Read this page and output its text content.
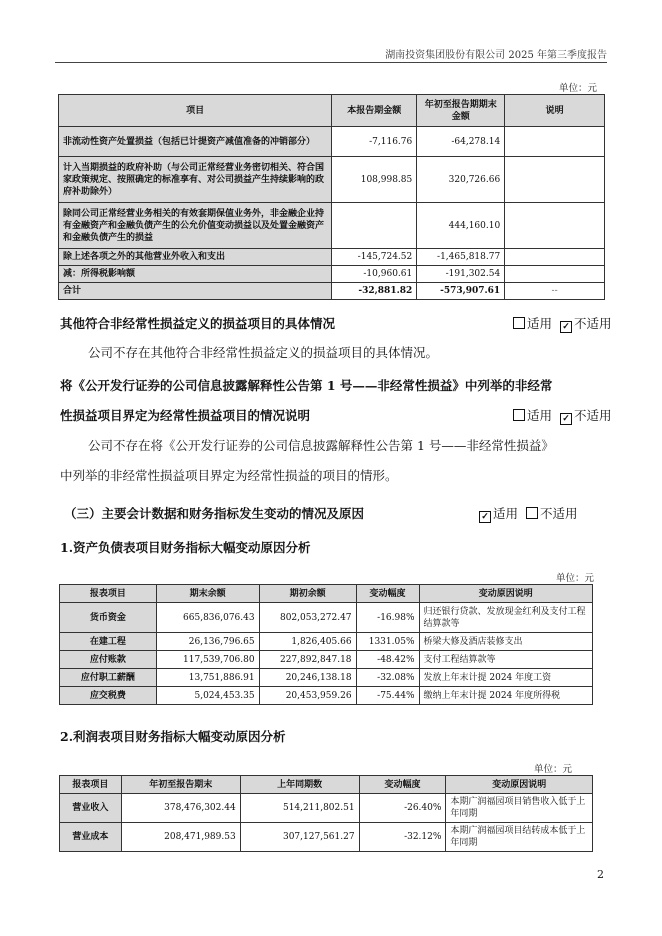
湖南投资集团股份有限公司 2025 年第三季度报告
单位：元
项目	本报告期金额	年初至报告期期末金额	说明
非流动性资产处置损益（包括已计提资产减值准备的冲销部分）	-7,116.76	-64,278.14	
计入当期损益的政府补助（与公司正常经营业务密切相关、符合国家政策规定、按照确定的标准享有、对公司损益产生持续影响的政府补助除外）	108,998.85	320,726.66	
除同公司正常经营业务相关的有效套期保值业务外，非金融企业持有金融资产和金融负债产生的公允价值变动损益以及处置金融资产和金融负债产生的损益		444,160.10	
除上述各项之外的其他营业外收入和支出	-145,724.52	-1,465,818.77	
减：所得税影响额	-10,960.61	-191,302.54	
合计	-32,881.82	-573,907.61	--
其他符合非经常性损益定义的损益项目的具体情况	适用 ✓ 不适用
公司不存在其他符合非经常性损益定义的损益项目的具体情况。
将《公开发行证券的公司信息披露解释性公告第 1 号——非经常性损益》中列举的非经常
性损益项目界定为经常性损益项目的情况说明	适用 ✓ 不适用
公司不存在将《公开发行证券的公司信息披露解释性公告第 1 号——非经常性损益》
中列举的非经常性损益项目界定为经常性损益的项目的情形。
（三）主要会计数据和财务指标发生变动的情况及原因	✓ 适用 不适用
1.资产负债表项目财务指标大幅变动原因分析
单位：元
报表项目	期末余额	期初余额	变动幅度	变动原因说明
货币资金	665,836,076.43	802,053,272.47	-16.98%	归还银行贷款、发放现金红利及支付工程结算款等
在建工程	26,136,796.65	1,826,405.66	1331.05%	桥梁大修及酒店装修支出
应付账款	117,539,706.80	227,892,847.18	-48.42%	支付工程结算款等
应付职工薪酬	13,751,886.91	20,246,138.18	-32.08%	发放上年末计提 2024 年度工资
应交税费	5,024,453.35	20,453,959.26	-75.44%	缴纳上年末计提 2024 年度所得税
2.利润表项目财务指标大幅变动原因分析
单位：元
报表项目	年初至报告期末	上年同期数	变动幅度	变动原因说明
营业收入	378,476,302.44	514,211,802.51	-26.40%	本期广润福园项目销售收入低于上年同期
营业成本	208,471,989.53	307,127,561.27	-32.12%	本期广润福园项目结转成本低于上年同期
2
